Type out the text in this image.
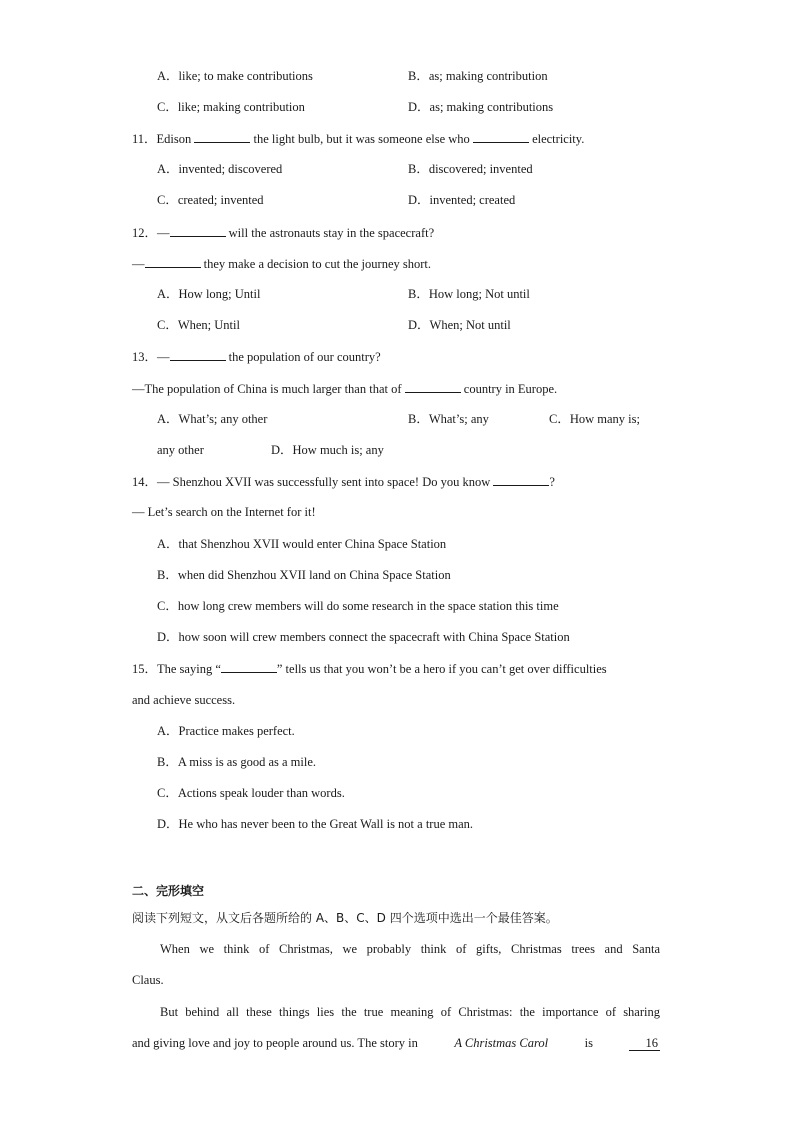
A．like; to make contributions	B．as; making contribution
C．like; making contribution	D．as; making contributions
11．Edison	the light bulb, but it was someone else who	electricity.
A．invented; discovered	B．discovered; invented
C．created; invented	D．invented; created
12．—	will the astronauts stay in the spacecraft?
—	they make a decision to cut the journey short.
A．How long; Until	B．How long; Not until
C．When; Until	D．When; Not until
13．—	the population of our country?
—The population of China is much larger than that of	country in Europe.
A．What’s; any other	B．What’s; any	C．How many is;
any other	D．How much is; any
14．— Shenzhou XVII was successfully sent into space! Do you know	?
— Let’s search on the Internet for it!
A．that Shenzhou XVII would enter China Space Station
B．when did Shenzhou XVII land on China Space Station
C．how long crew members will do some research in the space station this time
D．how soon will crew members connect the spacecraft with China Space Station
15．The saying “	” tells us that you won’t be a hero if you can’t get over difficulties
and achieve success.
A．Practice makes perfect.
B．A miss is as good as a mile.
C．Actions speak louder than words.
D．He who has never been to the Great Wall is not a true man.
二、完形填空
阅读下列短文，从文后各题所给的 A、B、C、D 四个选项中选出一个最佳答案。
When we think of Christmas, we probably think of gifts, Christmas trees and Santa
Claus.
But behind all these things lies the true meaning of Christmas: the importance of sharing
and giving love and joy to people around us. The story in	A Christmas Carol	is	16
